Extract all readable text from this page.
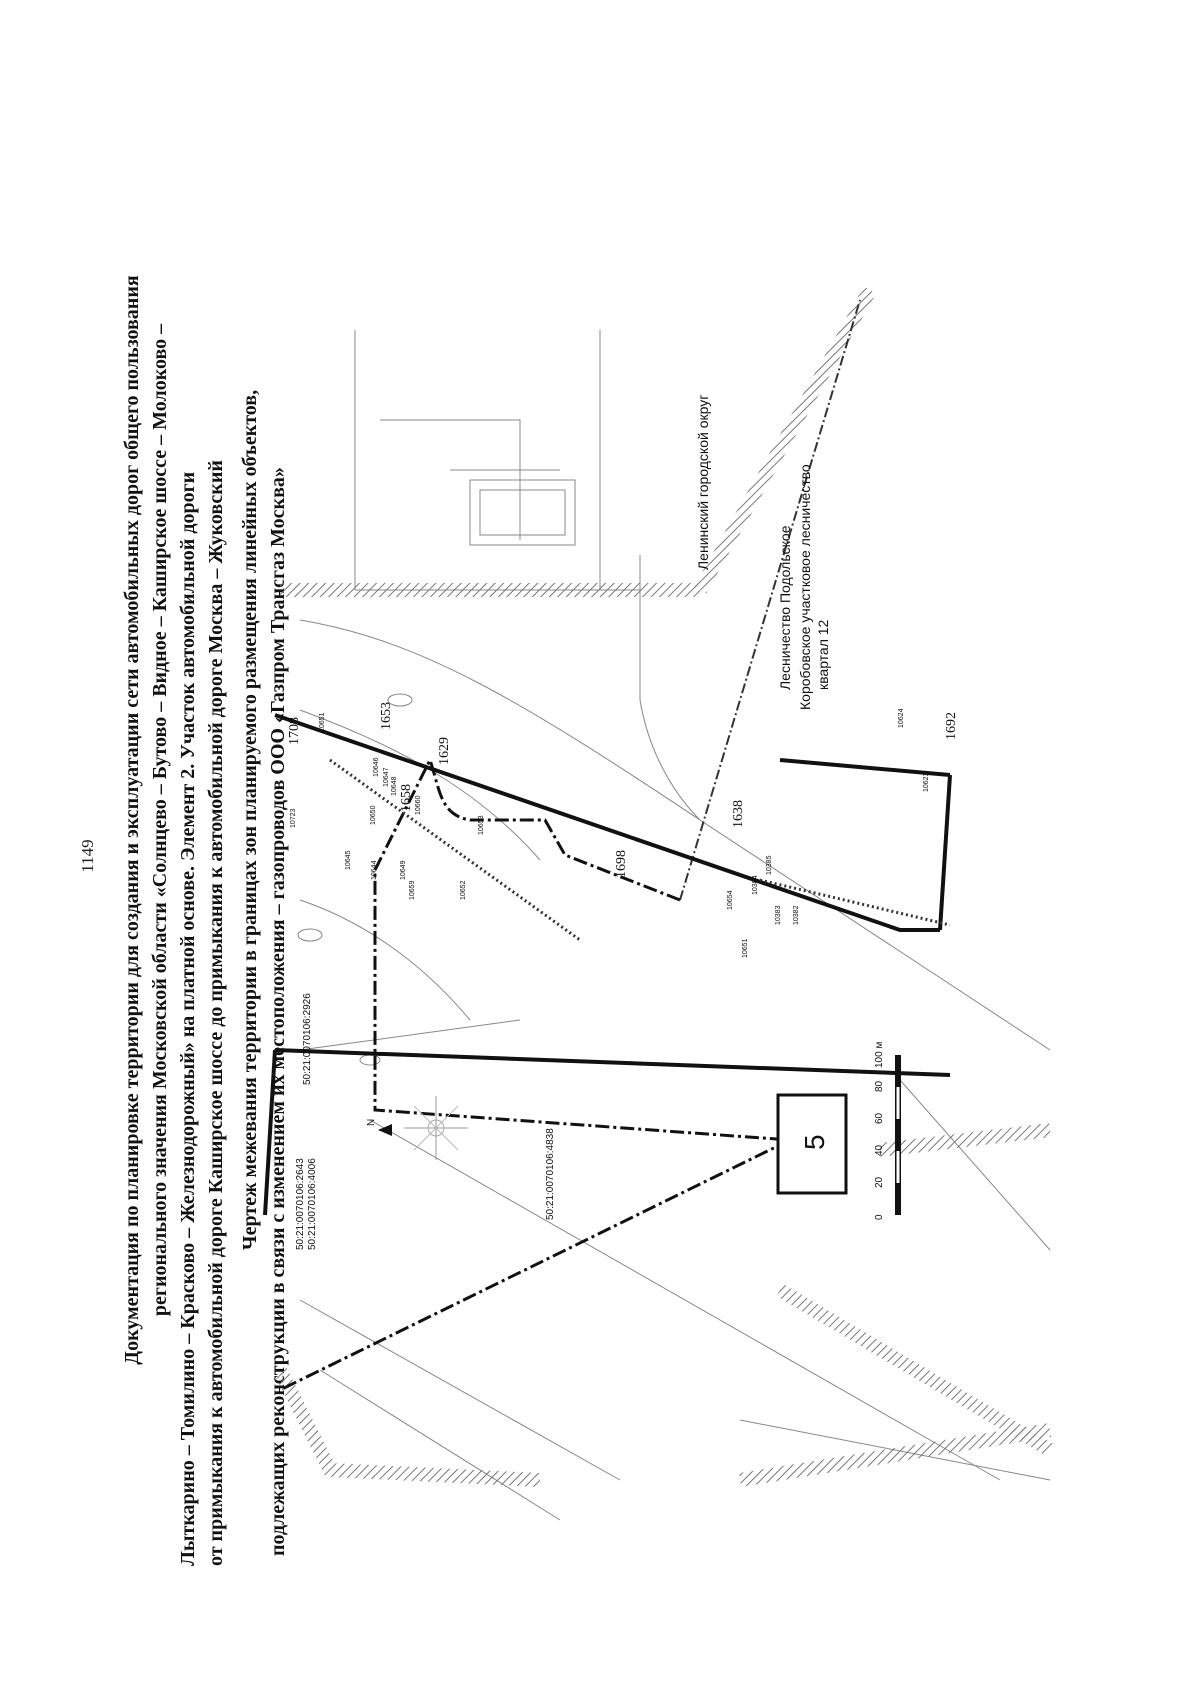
1149 Документация по планировке территории для создания и эксплуатации сети автомобильных дорог общего пользования регионального значения Московской области «Солнцево – Бутово – Видное – Каширское шоссе – Молоково – Лыткарино – Томилино – Красково – Железнодорожный» на платной основе. Элемент 2. Участок автомобильной дороги от примыкания к автомобильной дороге Каширское шоссе до примыкания к автомобильной дороге Москва – Жуковский Чертеж межевания территории в границах зон планируемого размещения линейных объектов, подлежащих реконструкции в связи с изменением их местоположения – газопроводов ООО «Газпром Трансгаз Москва»
1708
1653
1658
1629
1698
1638
1692
10651
10723
10646
10647 10648
10650
10645
10644	10649
10659
10660
10653
10652
10654
10384
10385
10383 10382
10651
10624
10623
Ленинский городской округ
Лесничество Подольское Коробовское участковое лесничество квартал 12
50:21:0070106:2926
50:21:0070106:4838
50:21:0070106:2643 50:21:0070106:4006
N
5
0
20
40
60
80
100 м
